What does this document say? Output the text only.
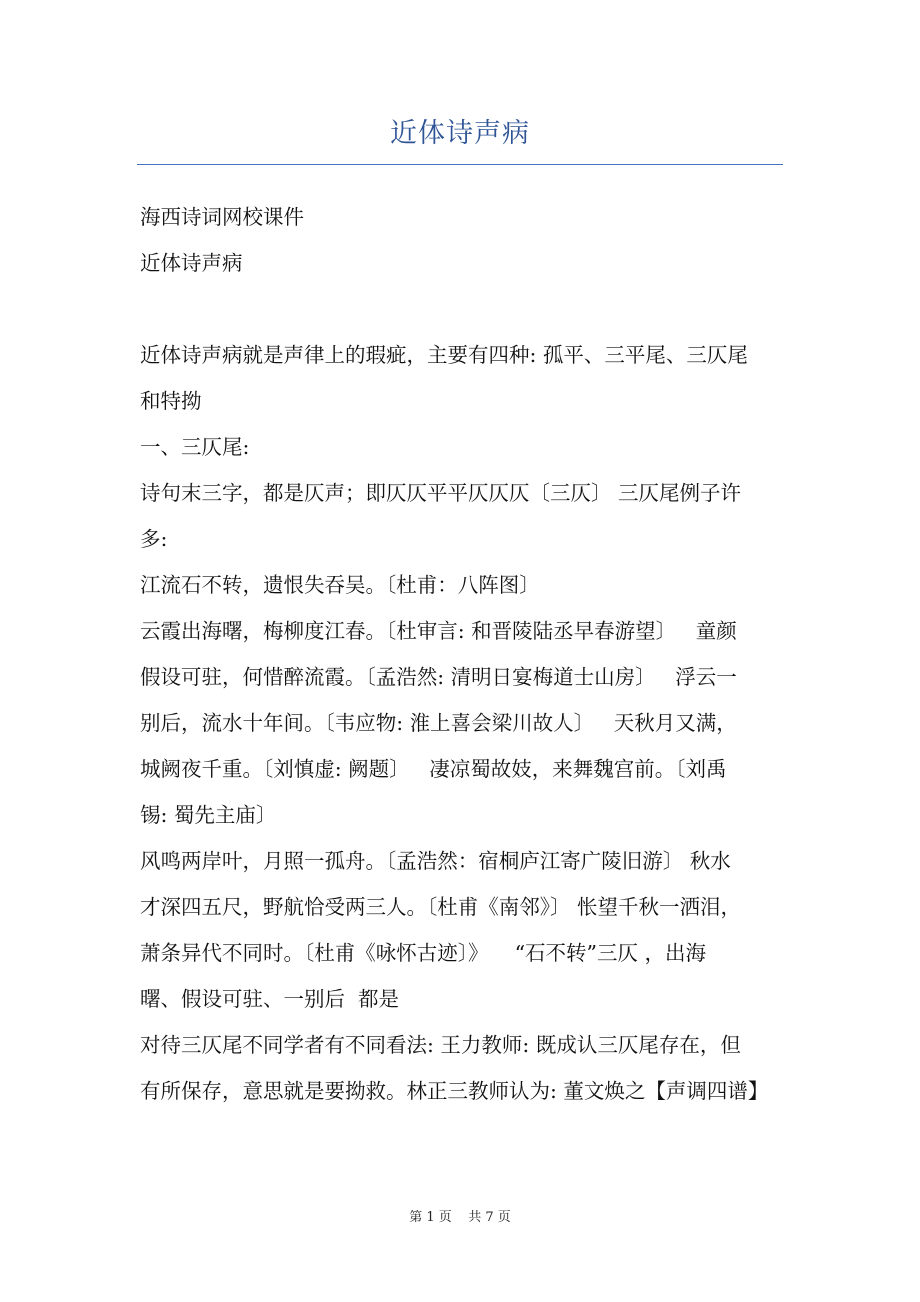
近体诗声病

海西诗词网校课件

近体诗声病

近体诗声病就是声律上的瑕疵，主要有四种: 孤平、三平尾、三仄尾

和特拗

一、三仄尾:

诗句末三字，都是仄声；即仄仄平平仄仄仄〔三仄〕 三仄尾例子许

多:

江流石不转，遗恨失吞吴。〔杜甫：八阵图〕

云霞出海曙，梅柳度江春。〔杜审言: 和晋陵陆丞早春游望〕   童颜

假设可驻，何惜醉流霞。〔孟浩然: 清明日宴梅道士山房〕   浮云一

别后，流水十年间。〔韦应物: 淮上喜会梁川故人〕   天秋月又满，

城阙夜千重。〔刘慎虚: 阙题〕   凄凉蜀故妓，来舞魏宫前。〔刘禹

锡: 蜀先主庙〕

风鸣两岸叶，月照一孤舟。〔孟浩然：宿桐庐江寄广陵旧游〕 秋水

才深四五尺，野航恰受两三人。〔杜甫《南邻》〕 怅望千秋一洒泪，

萧条异代不同时。〔杜甫《咏怀古迹〕》    “石不转”三仄 ，出海

曙、假设可驻、一别后  都是

对待三仄尾不同学者有不同看法: 王力教师: 既成认三仄尾存在，但

有所保存，意思就是要拗救。林正三教师认为: 董文焕之【声调四谱】

第 1 页    共 7 页
